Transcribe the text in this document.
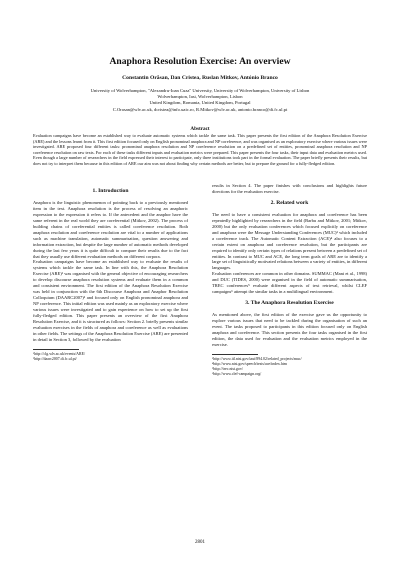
Anaphora Resolution Exercise: An overview
Constantin Orăsan, Dan Cristea, Ruslan Mitkov, António Branco
University of Wolverhampton, "Alexandru-Ioan Cuza" University, University of Wolverhampton, University of Lisbon
Wolverhampton, Iasi, Wolverhampton, Lisbon
United Kingdom, Romania, United Kingdom, Portugal
C.Orasan@wlv.ac.uk, dcristea@info.uaic.ro, R.Mitkov@wlv.ac.uk, antonio.branco@di.fc.ul.pt
Abstract
Evaluation campaigns have become an established way to evaluate automatic systems which tackle the same task. This paper presents the first edition of the Anaphora Resolution Exercise (ARE) and the lessons learnt from it. This first edition focused only on English pronominal anaphora and NP coreference, and was organised as an exploratory exercise where various issues were investigated. ARE proposed four different tasks: pronominal anaphora resolution and NP coreference resolution on a predefined set of entities, pronominal anaphora resolution and NP coreference resolution on raw texts. For each of these tasks different inputs and evaluation metrics were prepared. This paper presents the four tasks, their input data and evaluation metrics used. Even though a large number of researchers in the field expressed their interest to participate, only three institutions took part in the formal evaluation. The paper briefly presents their results, but does not try to interpret them because in this edition of ARE our aim was not about finding why certain methods are better, but to prepare the ground for a fully-fledged edition.
1. Introduction

Anaphora is the linguistic phenomenon of pointing back to a previously mentioned item in the text. Anaphora resolution is the process of resolving an anaphoric expression to the expression it refers to. If the antecedent and the anaphor have the same referent in the real world they are coreferential (Mitkov, 2002). The process of building chains of coreferential entities is called coreference resolution. Both anaphora resolution and coreference resolution are vital to a number of applications such as machine translation, automatic summarisation, question answering and information extraction, but despite the large number of automatic methods developed during the last few years it is quite difficult to compare their results due to the fact that they usually use different evaluation methods on different corpora.

Evaluation campaigns have become an established way to evaluate the results of systems which tackle the same task. In line with this, the Anaphora Resolution Exercise (ARE)¹ was organised with the general objective of encouraging researchers to develop discourse anaphora resolution systems and evaluate them in a common and consistent environment. The first edition of the Anaphora Resolution Exercise was held in conjunction with the 6th Discourse Anaphora and Anaphor Resolution Colloquium (DAARC2007)² and focused only on English pronominal anaphora and NP coreference. This initial edition was used mainly as an exploratory exercise where various issues were investigated and to gain experience on how to set up the first fully-fledged edition. This paper presents an overview of the first Anaphora Resolution Exercise, and it is structured as follows: Section 2. briefly presents similar evaluation exercises in the fields of anaphora and coreference as well as evaluations in other fields. The settings of the Anaphora Resolution Exercise (ARE) are presented in detail in Section 3, followed by the evaluation

¹http://clg.wlv.ac.uk/events/ARE/
²http://daarc2007.di.fc.ul.pt/

results in Section 4. The paper finishes with conclusions and highlights future directions for the evaluation exercise.

2. Related work

The need to have a consistent evaluation for anaphora and coreference has been repeatedly highlighted by researchers in the field (Barbu and Mitkov, 2001; Mitkov, 2000) but the only evaluation conferences which focused explicitly on coreference and anaphora were the Message Understanding Conferences (MUC)³ which included a coreference track. The Automatic Content Extraction (ACE)⁴ also focuses to a certain extent on anaphora and coreference resolution, but the participants are required to identify only certain types of relations present between a predefined set of entities. In contrast to MUC and ACE, the long term goals of ARE are to identify a large set of linguistically motivated relations between a variety of entities, in different languages.

Evaluation conferences are common in other domains. SUMMAC (Mani et al., 1998) and DUC (TIDES, 2000) were organised in the field of automatic summarisation, TREC conferences⁵ evaluate different aspects of text retrieval, whilst CLEF campaigns⁶ attempt the similar tasks in a multilingual environment.

3. The Anaphora Resolution Exercise

As mentioned above, the first edition of the exercise gave us the opportunity to explore various issues that need to be tackled during the organisation of such an event. The tasks proposed to participants in this edition focused only on English anaphora and coreference. This section presents the four tasks organised in the first edition, the data used for evaluation and the evaluation metrics employed in the exercise.

³http://www.itl.nist.gov/iaui/894.02/related_projects/muc/
⁴http://www.nist.gov/speech/tests/ace/index.htm
⁵http://trec.nist.gov/
⁶http://www.clef-campaign.org/
2801
